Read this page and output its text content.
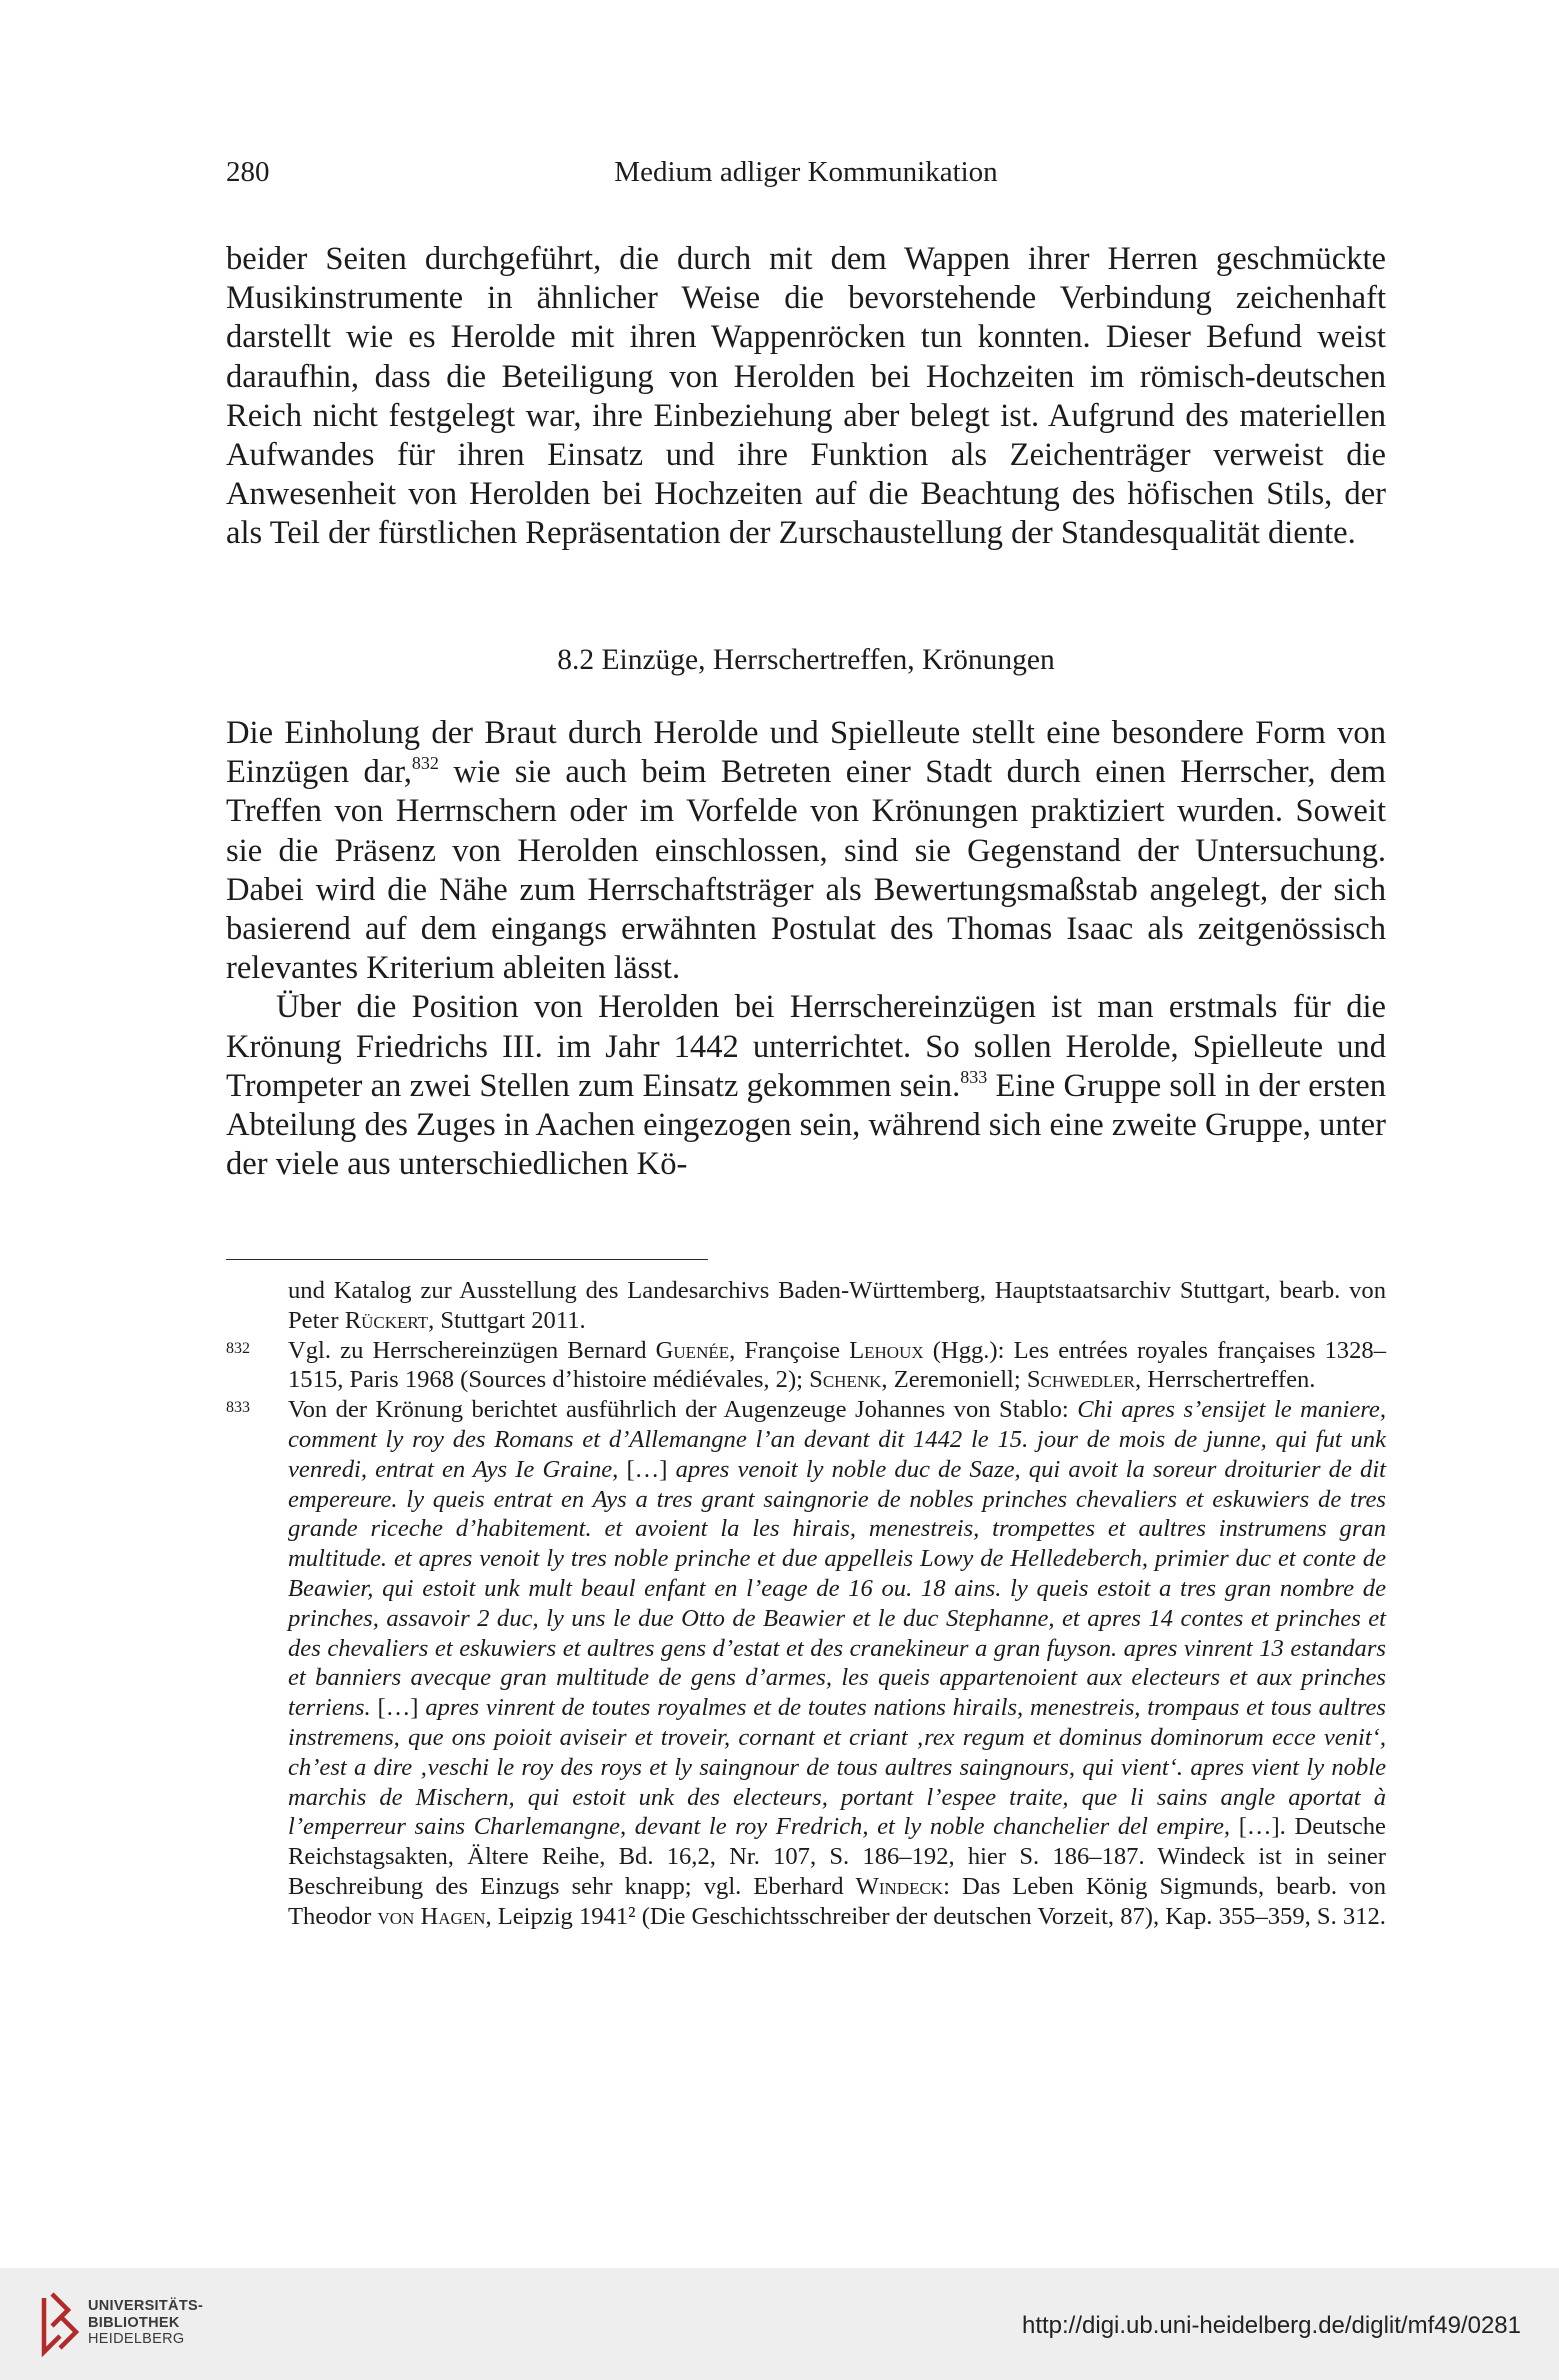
280	Medium adliger Kommunikation

beider Seiten durchgeführt, die durch mit dem Wappen ihrer Herren geschmückte Musikinstrumente in ähnlicher Weise die bevorstehende Verbindung zeichenhaft darstellt wie es Herolde mit ihren Wappenröcken tun konnten. Dieser Befund weist daraufhin, dass die Beteiligung von Herolden bei Hochzeiten im römisch-deutschen Reich nicht festgelegt war, ihre Einbeziehung aber belegt ist. Aufgrund des materiellen Aufwandes für ihren Einsatz und ihre Funktion als Zeichenträger verweist die Anwesenheit von Herolden bei Hochzeiten auf die Beachtung des höfischen Stils, der als Teil der fürstlichen Repräsentation der Zurschaustellung der Standesqualität diente.

8.2 Einzüge, Herrschertreffen, Krönungen

Die Einholung der Braut durch Herolde und Spielleute stellt eine besondere Form von Einzügen dar,$^{832}$ wie sie auch beim Betreten einer Stadt durch einen Herrscher, dem Treffen von Herrnschern oder im Vorfelde von Krönungen praktiziert wurden. Soweit sie die Präsenz von Herolden einschlossen, sind sie Gegenstand der Untersuchung. Dabei wird die Nähe zum Herrschaftsträger als Bewertungsmaßstab angelegt, der sich basierend auf dem eingangs erwähnten Postulat des Thomas Isaac als zeitgenössisch relevantes Kriterium ableiten lässt.

Über die Position von Herolden bei Herrschereinzügen ist man erstmals für die Krönung Friedrichs III. im Jahr 1442 unterrichtet. So sollen Herolde, Spielleute und Trompeter an zwei Stellen zum Einsatz gekommen sein.$^{833}$ Eine Gruppe soll in der ersten Abteilung des Zuges in Aachen eingezogen sein, während sich eine zweite Gruppe, unter der viele aus unterschiedlichen Kö-

und Katalog zur Ausstellung des Landesarchivs Baden-Württemberg, Hauptstaatsarchiv Stuttgart, bearb. von Peter Rückert, Stuttgart 2011.
832 Vgl. zu Herrschereinzügen Bernard Guenée, Françoise Lehoux (Hgg.): Les entrées royales françaises 1328–1515, Paris 1968 (Sources d’histoire médiévales, 2); Schenk, Zeremoniell; Schwedler, Herrschertreffen.
833 Von der Krönung berichtet ausführlich der Augenzeuge Johannes von Stablo: Chi apres s’ensijet le maniere, comment ly roy des Romans et d’Allemangne l’an devant dit 1442 le 15. jour de mois de junne, qui fut unk venredi, entrat en Ays Ie Graine, […] apres venoit ly noble duc de Saze, qui avoit la soreur droiturier de dit empereure. ly queis entrat en Ays a tres grant saingnorie de nobles prinches chevaliers et eskuwiers de tres grande riceche d’habitement. et avoient la les hirais, menestreis, trompettes et aultres instrumens gran multitude. et apres venoit ly tres noble prinche et due appelleis Lowy de Helledeberch, primier duc et conte de Beawier, qui estoit unk mult beaul enfant en l’eage de 16 ou. 18 ains. ly queis estoit a tres gran nombre de prinches, assavoir 2 duc, ly uns le due Otto de Beawier et le duc Stephanne, et apres 14 contes et prinches et des chevaliers et eskuwiers et aultres gens d’estat et des cranekineur a gran fuyson. apres vinrent 13 estandars et banniers avecque gran multitude de gens d’armes, les queis appartenoient aux electeurs et aux prinches terriens. […] apres vinrent de toutes royalmes et de toutes nations hirails, menestreis, trompaus et tous aultres instremens, que ons poioit aviseir et troveir, cornant et criant ‚rex regum et dominus dominorum ecce venit‘, ch’est a dire ‚veschi le roy des roys et ly saingnour de tous aultres saingnours, qui vient‘. apres vient ly noble marchis de Mischern, qui estoit unk des electeurs, portant l’espee traite, que li sains angle aportat à l’emperreur sains Charlemangne, devant le roy Fredrich, et ly noble chanchelier del empire, […]. Deutsche Reichstagsakten, Ältere Reihe, Bd. 16,2, Nr. 107, S. 186–192, hier S. 186–187. Windeck ist in seiner Beschreibung des Einzugs sehr knapp; vgl. Eberhard Windeck: Das Leben König Sigmunds, bearb. von Theodor von Hagen, Leipzig 1941² (Die Geschichtsschreiber der deutschen Vorzeit, 87), Kap. 355–359, S. 312.
UNIVERSITÄTS-
BIBLIOTHEK
HEIDELBERG	http://digi.ub.uni-heidelberg.de/diglit/mf49/0281
